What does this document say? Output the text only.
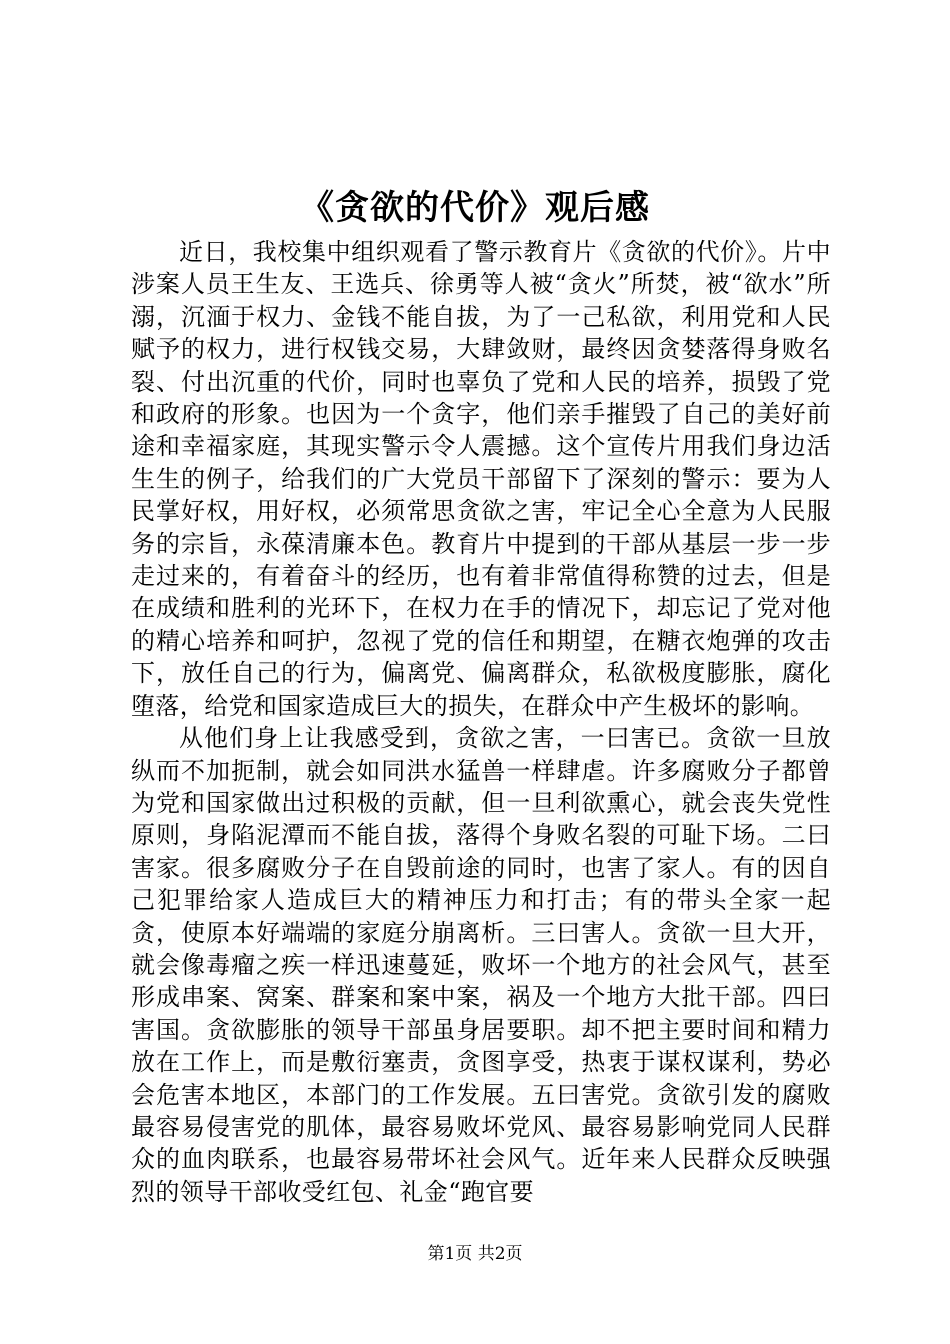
《贪欲的代价》观后感

近日，我校集中组织观看了警示教育片《贪欲的代价》。片中涉案人员王生友、王选兵、徐勇等人被“贪火”所焚，被“欲水”所溺，沉湎于权力、金钱不能自拔，为了一己私欲，利用党和人民赋予的权力，进行权钱交易，大肆敛财，最终因贪婪落得身败名裂、付出沉重的代价，同时也辜负了党和人民的培养，损毁了党和政府的形象。也因为一个贪字，他们亲手摧毁了自己的美好前途和幸福家庭，其现实警示令人震撼。这个宣传片用我们身边活生生的例子，给我们的广大党员干部留下了深刻的警示：要为人民掌好权，用好权，必须常思贪欲之害，牢记全心全意为人民服务的宗旨，永葆清廉本色。教育片中提到的干部从基层一步一步走过来的，有着奋斗的经历，也有着非常值得称赞的过去，但是在成绩和胜利的光环下，在权力在手的情况下，却忘记了党对他的精心培养和呵护，忽视了党的信任和期望，在糖衣炮弹的攻击下，放任自己的行为，偏离党、偏离群众，私欲极度膨胀，腐化堕落，给党和国家造成巨大的损失，在群众中产生极坏的影响。

从他们身上让我感受到，贪欲之害，一曰害已。贪欲一旦放纵而不加扼制，就会如同洪水猛兽一样肆虐。许多腐败分子都曾为党和国家做出过积极的贡献，但一旦利欲熏心，就会丧失党性原则，身陷泥潭而不能自拔，落得个身败名裂的可耻下场。二曰害家。很多腐败分子在自毁前途的同时，也害了家人。有的因自己犯罪给家人造成巨大的精神压力和打击；有的带头全家一起贪，使原本好端端的家庭分崩离析。三曰害人。贪欲一旦大开，就会像毒瘤之疾一样迅速蔓延，败坏一个地方的社会风气，甚至形成串案、窝案、群案和案中案，祸及一个地方大批干部。四曰害国。贪欲膨胀的领导干部虽身居要职。却不把主要时间和精力放在工作上，而是敷衍塞责，贪图享受，热衷于谋权谋利，势必会危害本地区，本部门的工作发展。五曰害党。贪欲引发的腐败最容易侵害党的肌体，最容易败坏党风、最容易影响党同人民群众的血肉联系，也最容易带坏社会风气。近年来人民群众反映强烈的领导干部收受红包、礼金“跑官要

第1页 共2页
